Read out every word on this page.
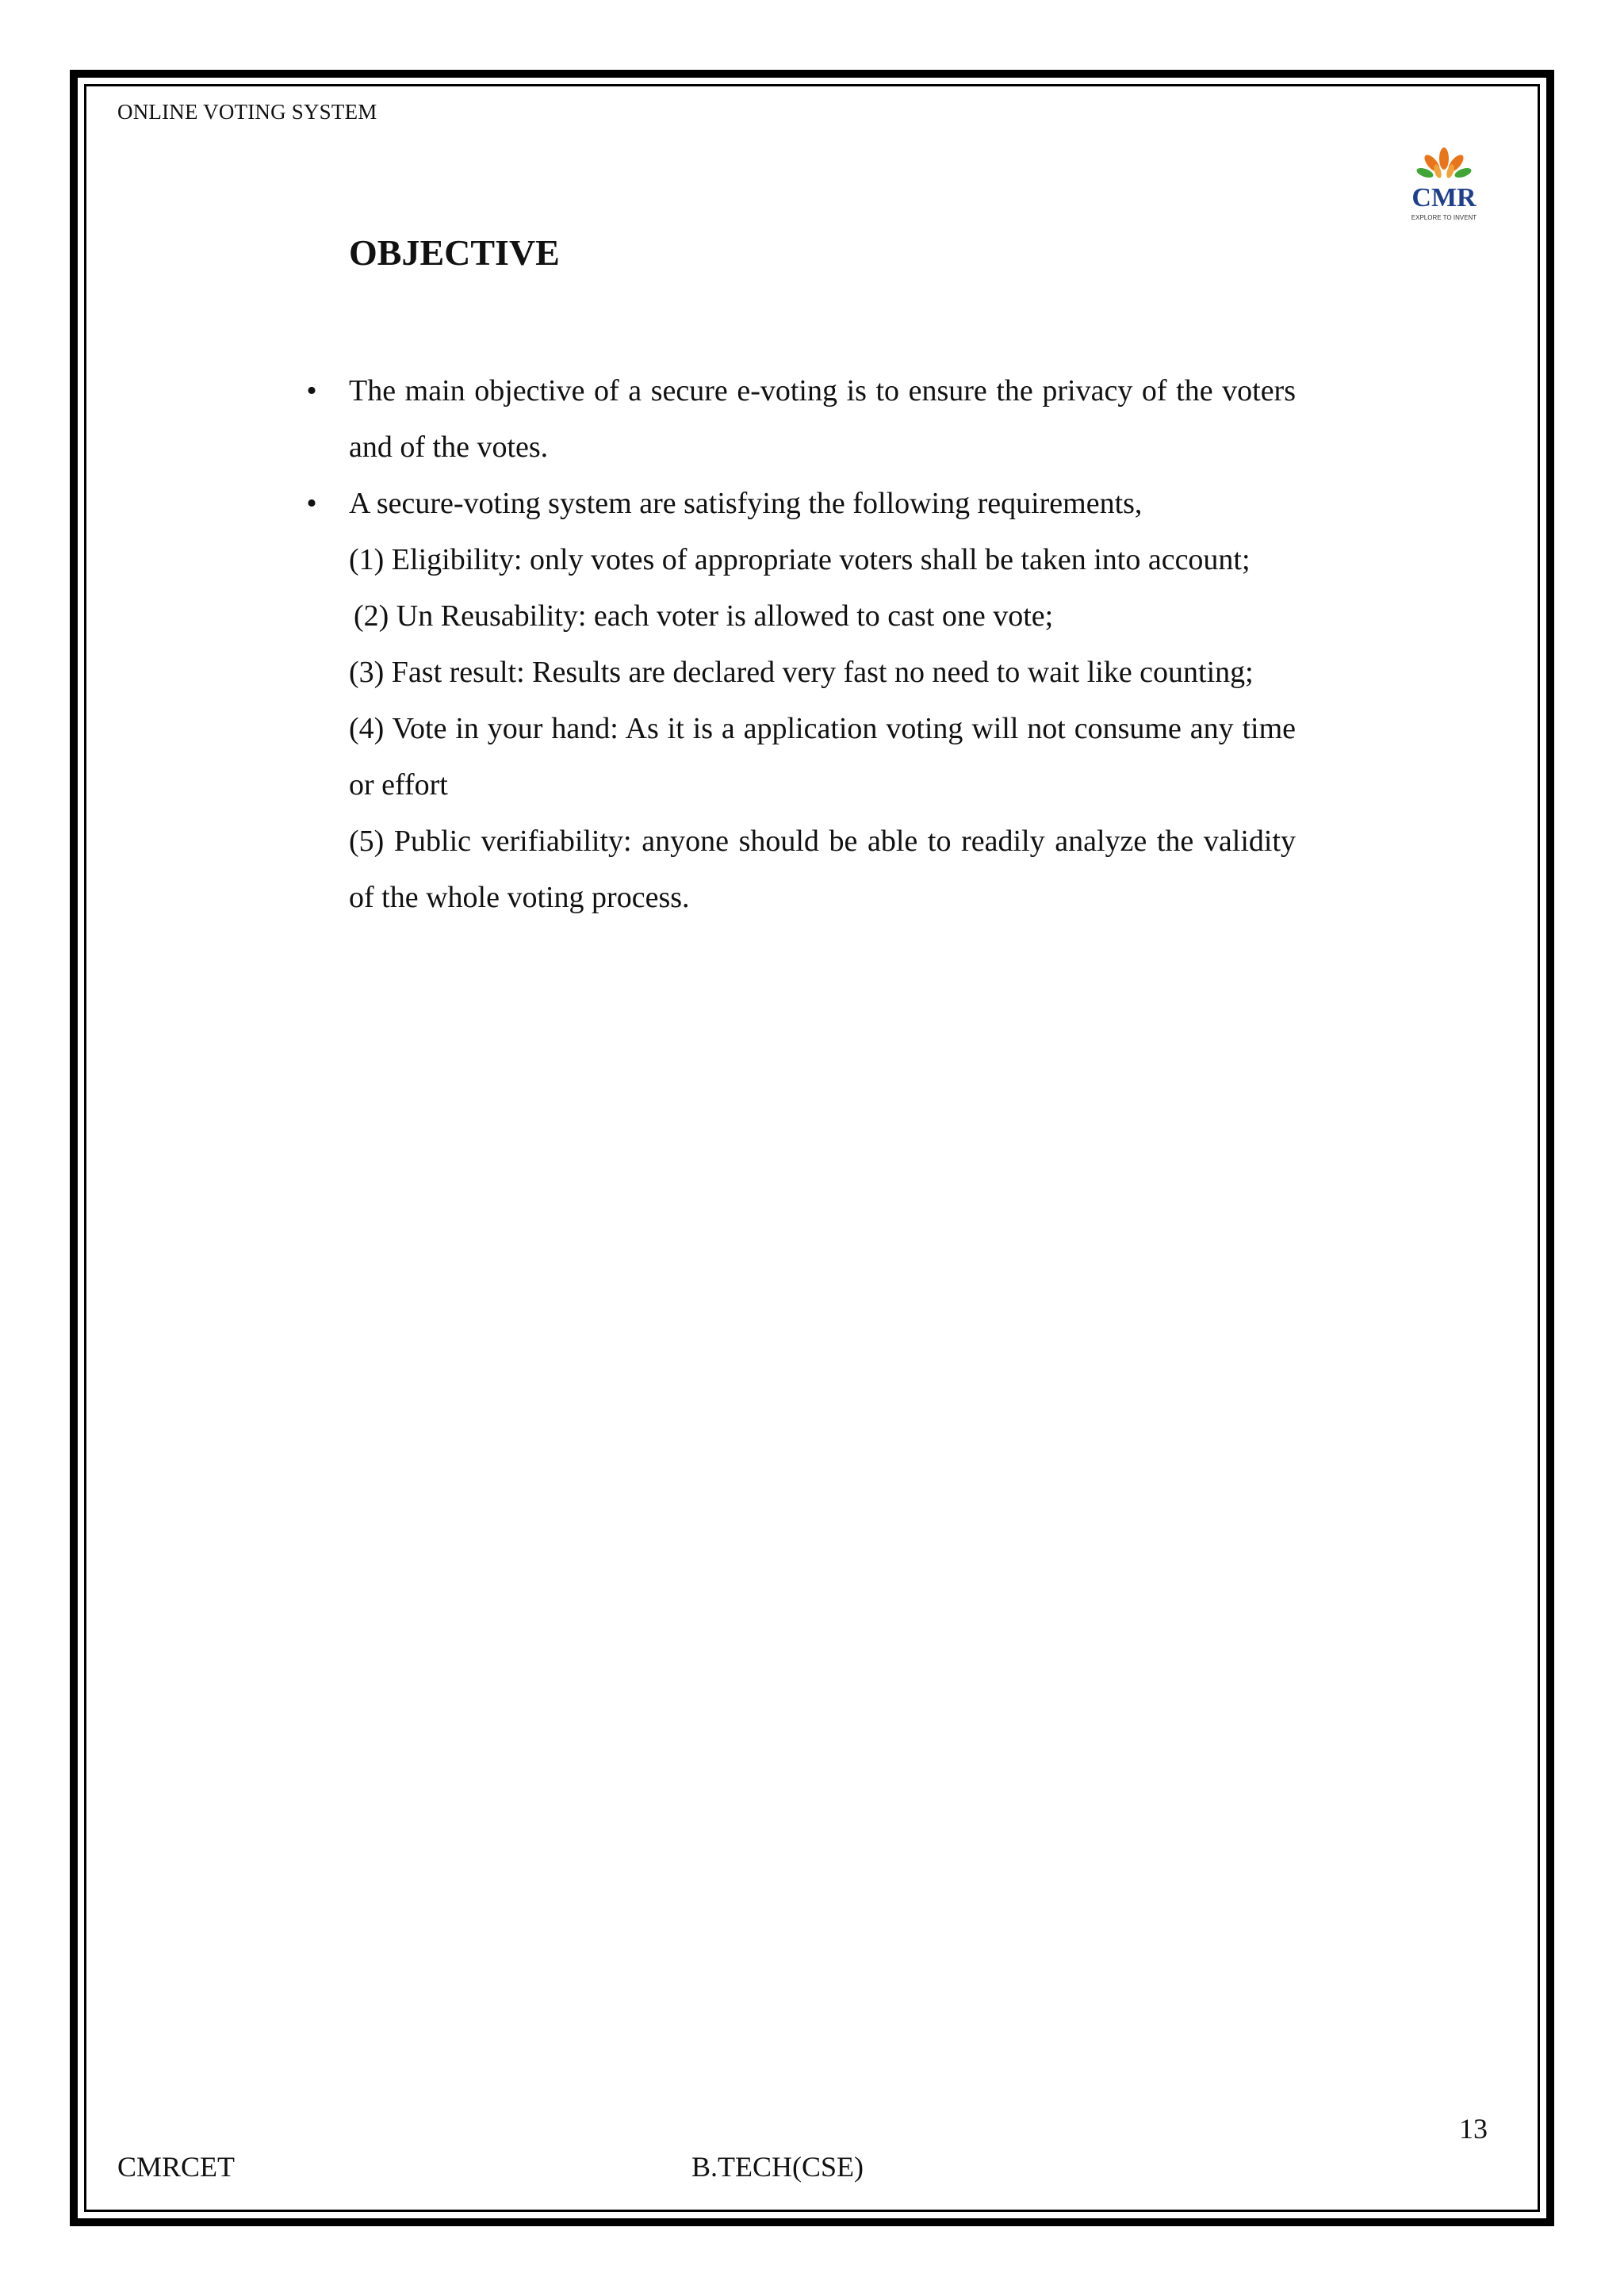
ONLINE VOTING SYSTEM
CMR
EXPLORE TO INVENT
OBJECTIVE
• The main objective of a secure e-voting is to ensure the privacy of the voters and of the votes.

• A secure-voting system are satisfying the following requirements,

(1) Eligibility: only votes of appropriate voters shall be taken into account;

(2) Un Reusability: each voter is allowed to cast one vote;

(3) Fast result: Results are declared very fast no need to wait like counting;

(4) Vote in your hand: As it is a application voting will not consume any time or effort

(5) Public verifiability: anyone should be able to readily analyze the validity of the whole voting process.

13
CMRCET	B.TECH(CSE)
